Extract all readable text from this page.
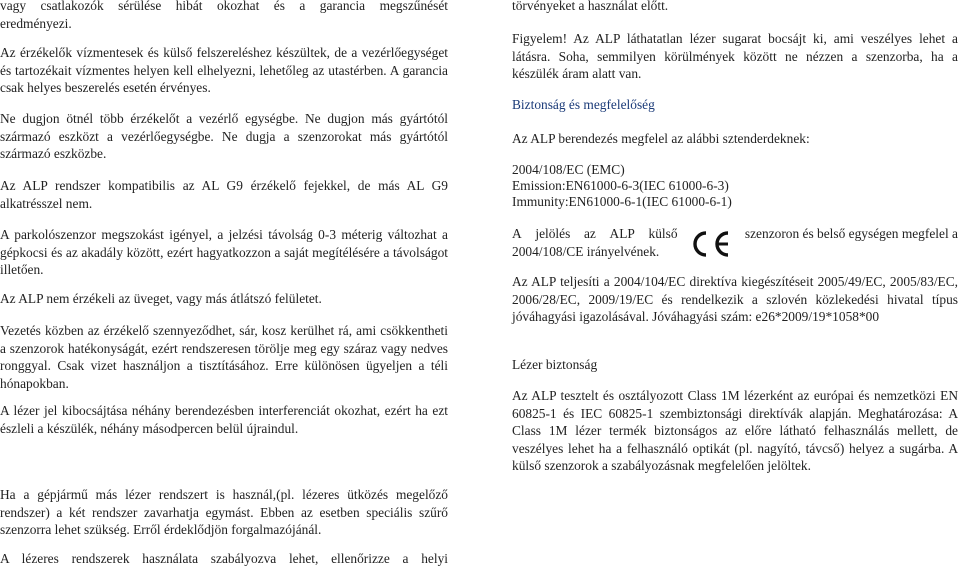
vagy csatlakozók sérülése hibát okozhat és a garancia megszűnését

eredményezi.

Az érzékelők vízmentesek és külső felszereléshez készültek, de a vezérlőegységet és tartozékait vízmentes helyen kell elhelyezni, lehetőleg az utastérben. A garancia csak helyes beszerelés esetén érvényes.

Ne dugjon ötnél több érzékelőt a vezérlő egységbe. Ne dugjon más gyártótól származó eszközt a vezérlőegységbe. Ne dugja a szenzorokat más gyártótól származó eszközbe.

Az ALP rendszer kompatibilis az AL G9 érzékelő fejekkel, de más AL G9 alkatrésszel nem.

A parkolószenzor megszokást igényel, a jelzési távolság 0-3 méterig változhat a gépkocsi és az akadály között, ezért hagyatkozzon a saját megítélésére a távolságot illetően.

Az ALP nem érzékeli az üveget, vagy más átlátszó felületet.

Vezetés közben az érzékelő szennyeződhet, sár, kosz kerülhet rá, ami csökkentheti a szenzorok hatékonyságát, ezért rendszeresen törölje meg egy száraz vagy nedves ronggyal. Csak vizet használjon a tisztításához. Erre különösen ügyeljen a téli hónapokban.

A lézer jel kibocsájtása néhány berendezésben interferenciát okozhat, ezért ha ezt észleli a készülék, néhány másodpercen belül újraindul.

Ha a gépjármű más lézer rendszert is használ,(pl. lézeres ütközés megelőző rendszer) a két rendszer zavarhatja egymást. Ebben az esetben speciális szűrő szenzorra lehet szükség. Erről érdeklődjön forgalmazójánál.

A lézeres rendszerek használata szabályozva lehet, ellenőrizze a helyi

törvényeket a használat előtt.

Figyelem! Az ALP láthatatlan lézer sugarat bocsájt ki, ami veszélyes lehet a látásra. Soha, semmilyen körülmények között ne nézzen a szenzorba, ha a készülék áram alatt van.

Biztonság és megfelelőség

Az ALP berendezés megfelel az alábbi sztenderdeknek:

2004/108/EC (EMC)

Emission:EN61000-6-3(IEC 61000-6-3)

Immunity:EN61000-6-1(IEC 61000-6-1)

A jelölés az ALP külső	szenzoron és belső egységen megfelel a

2004/108/CE irányelvének.

Az ALP teljesíti a 2004/104/EC direktíva kiegészítéseit 2005/49/EC, 2005/83/EC, 2006/28/EC, 2009/19/EC és rendelkezik a szlovén közlekedési hivatal típus jóváhagyási igazolásával. Jóváhagyási szám: e26*2009/19*1058*00

Lézer biztonság

Az ALP tesztelt és osztályozott Class 1M lézerként az európai és nemzetközi EN 60825-1 és IEC 60825-1 szembiztonsági direktívák alapján. Meghatározása: A Class 1M lézer termék biztonságos az előre látható felhasználás mellett, de veszélyes lehet ha a felhasználó optikát (pl. nagyító, távcső) helyez a sugárba. A külső szenzorok a szabályozásnak megfelelően jelöltek.
